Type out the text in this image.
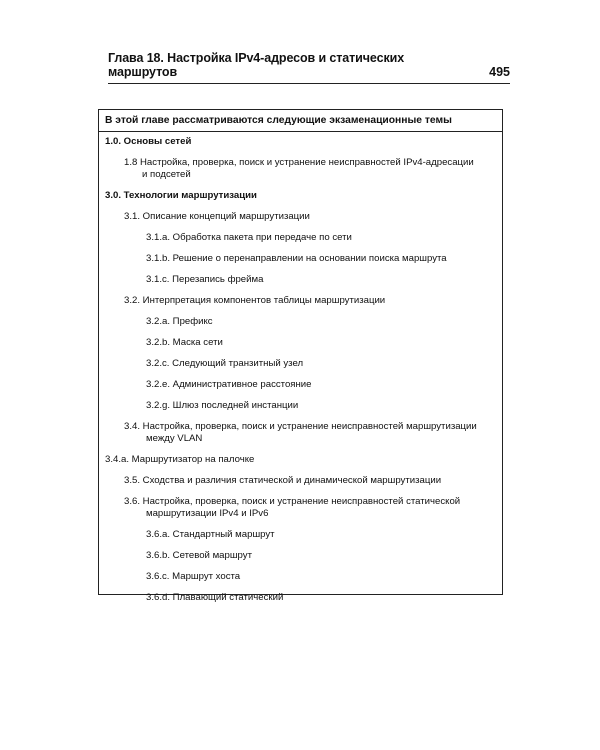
Глава 18. Настройка IPv4-адресов и статических маршрутов	495
В этой главе рассматриваются следующие экзаменационные темы
1.0. Основы сетей
1.8 Настройка, проверка, поиск и устранение неисправностей IPv4-адресации
и подсетей
3.0. Технологии маршрутизации
3.1. Описание концепций маршрутизации
3.1.a. Обработка пакета при передаче по сети
3.1.b. Решение о перенаправлении на основании поиска маршрута
3.1.c. Перезапись фрейма
3.2. Интерпретация компонентов таблицы маршрутизации
3.2.a. Префикс
3.2.b. Маска сети
3.2.c. Следующий транзитный узел
3.2.e. Административное расстояние
3.2.g. Шлюз последней инстанции
3.4. Настройка, проверка, поиск и устранение неисправностей маршрутизации
между VLAN
3.4.a. Маршрутизатор на палочке
3.5. Сходства и различия статической и динамической маршрутизации
3.6. Настройка, проверка, поиск и устранение неисправностей статической
маршрутизации IPv4 и IPv6
3.6.a. Стандартный маршрут
3.6.b. Сетевой маршрут
3.6.c. Маршрут хоста
3.6.d. Плавающий статический
